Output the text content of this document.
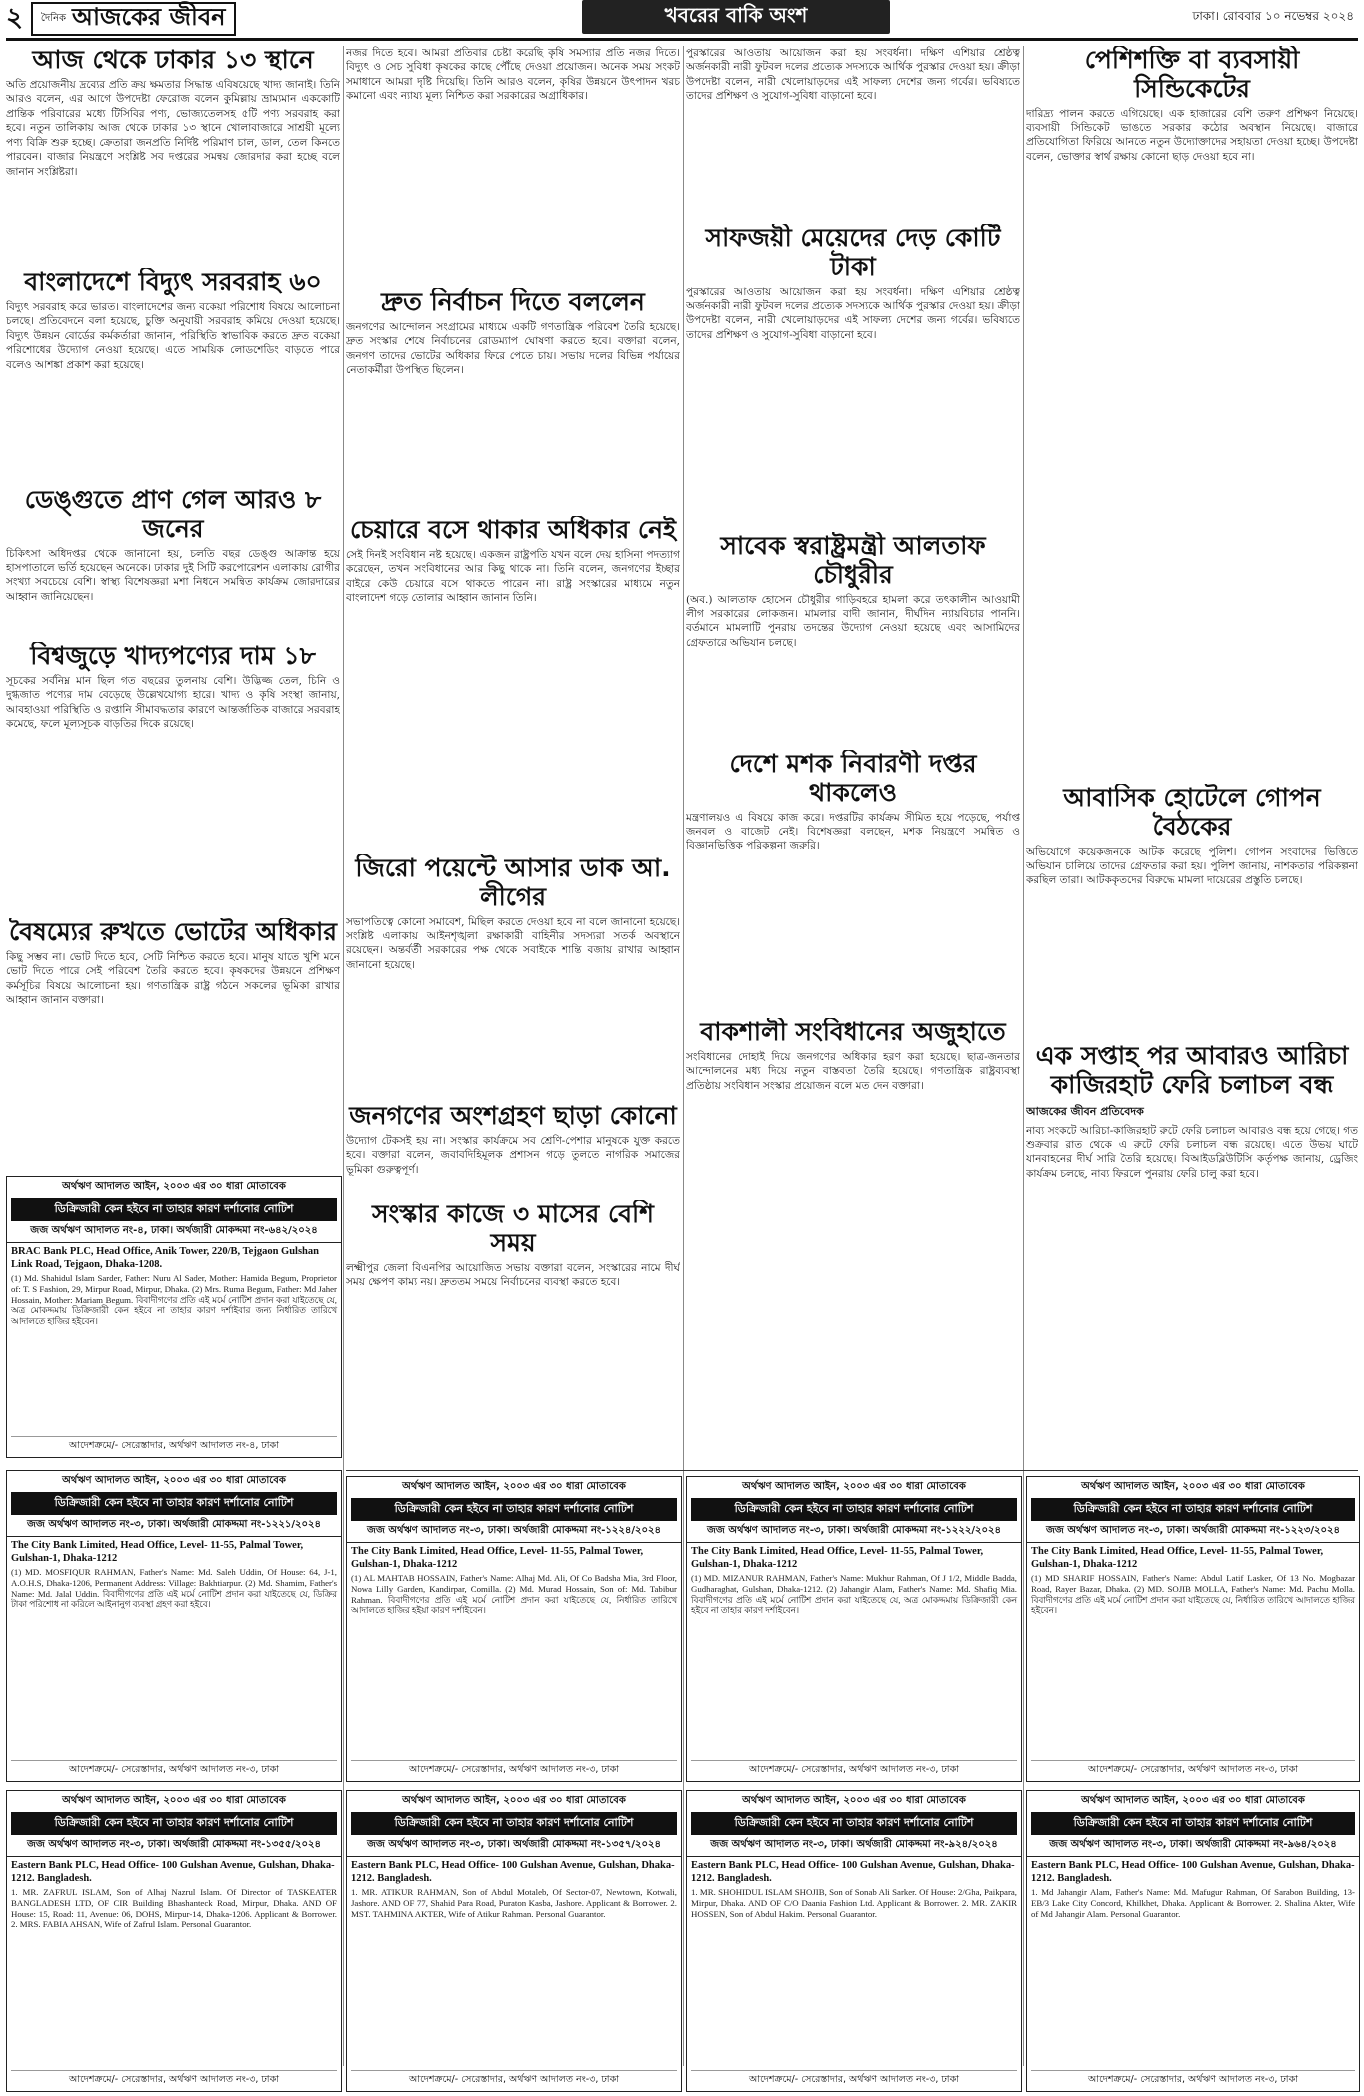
২ দৈনিক আজকের জীবন	খবরের বাকি অংশ	ঢাকা। রোববার ১০ নভেম্বর ২০২৪
আজ থেকে ঢাকার ১৩ স্থানে

অতি প্রয়োজনীয় দ্রব্যের প্রতি ক্রয় ক্ষমতার সিদ্ধান্ত এবিষয়েছে খাদ্য জানাই। তিনি আরও বলেন, এর আগে উপদেষ্টা ফেরোজ বলেন কুমিল্লায় ভ্রাম্যমান এককোটি প্রান্তিক পরিবারের মধ্যে টিসিবির পণ্য, ভোজ্যতেলসহ ৫টি পণ্য সরবরাহ করা হবে। নতুন তালিকায় আজ থেকে ঢাকার ১৩ স্থানে খোলাবাজারে সাশ্রয়ী মূল্যে পণ্য বিক্রি শুরু হচ্ছে। ক্রেতারা জনপ্রতি নির্দিষ্ট পরিমাণ চাল, ডাল, তেল কিনতে পারবেন। বাজার নিয়ন্ত্রণে সংশ্লিষ্ট সব দপ্তরের সমন্বয় জোরদার করা হচ্ছে বলে জানান সংশ্লিষ্টরা।

বাংলাদেশে বিদ্যুৎ সরবরাহ ৬০

বিদ্যুৎ সরবরাহ করে ভারত। বাংলাদেশের জন্য বকেয়া পরিশোধ বিষয়ে আলোচনা চলছে। প্রতিবেদনে বলা হয়েছে, চুক্তি অনুযায়ী সরবরাহ কমিয়ে দেওয়া হয়েছে। বিদ্যুৎ উন্নয়ন বোর্ডের কর্মকর্তারা জানান, পরিস্থিতি স্বাভাবিক করতে দ্রুত বকেয়া পরিশোধের উদ্যোগ নেওয়া হয়েছে। এতে সাময়িক লোডশেডিং বাড়তে পারে বলেও আশঙ্কা প্রকাশ করা হয়েছে।

ডেঙ্গুতে প্রাণ গেল আরও ৮ জনের

চিকিৎসা অধিদপ্তর থেকে জানানো হয়, চলতি বছর ডেঙ্গু আক্রান্ত হয়ে হাসপাতালে ভর্তি হয়েছেন অনেকে। ঢাকার দুই সিটি করপোরেশন এলাকায় রোগীর সংখ্যা সবচেয়ে বেশি। স্বাস্থ্য বিশেষজ্ঞরা মশা নিধনে সমন্বিত কার্যক্রম জোরদারের আহ্বান জানিয়েছেন।

বিশ্বজুড়ে খাদ্যপণ্যের দাম ১৮

সূচকের সর্বনিম্ন মান ছিল গত বছরের তুলনায় বেশি। উদ্ভিজ্জ তেল, চিনি ও দুগ্ধজাত পণ্যের দাম বেড়েছে উল্লেখযোগ্য হারে। খাদ্য ও কৃষি সংস্থা জানায়, আবহাওয়া পরিস্থিতি ও রপ্তানি সীমাবদ্ধতার কারণে আন্তর্জাতিক বাজারে সরবরাহ কমেছে, ফলে মূল্যসূচক বাড়তির দিকে রয়েছে।

বৈষম্যের রুখতে ভোটের অধিকার

কিছু সম্ভব না। ভোট দিতে হবে, সেটি নিশ্চিত করতে হবে। মানুষ যাতে খুশি মনে ভোট দিতে পারে সেই পরিবেশ তৈরি করতে হবে। কৃষকদের উন্নয়নে প্রশিক্ষণ কর্মসূচির বিষয়ে আলোচনা হয়। গণতান্ত্রিক রাষ্ট্র গঠনে সকলের ভূমিকা রাখার আহ্বান জানান বক্তারা।

নজর দিতে হবে। আমরা প্রতিবার চেষ্টা করেছি কৃষি সমস্যার প্রতি নজর দিতে। বিদ্যুৎ ও সেচ সুবিধা কৃষকের কাছে পৌঁছে দেওয়া প্রয়োজন। অনেক সময় সংকট সমাধানে আমরা দৃষ্টি দিয়েছি। তিনি আরও বলেন, কৃষির উন্নয়নে উৎপাদন খরচ কমানো এবং ন্যায্য মূল্য নিশ্চিত করা সরকারের অগ্রাধিকার।

দ্রুত নির্বাচন দিতে বললেন

জনগণের আন্দোলন সংগ্রামের মাধ্যমে একটি গণতান্ত্রিক পরিবেশ তৈরি হয়েছে। দ্রুত সংস্কার শেষে নির্বাচনের রোডম্যাপ ঘোষণা করতে হবে। বক্তারা বলেন, জনগণ তাদের ভোটের অধিকার ফিরে পেতে চায়। সভায় দলের বিভিন্ন পর্যায়ের নেতাকর্মীরা উপস্থিত ছিলেন।

চেয়ারে বসে থাকার অধিকার নেই

সেই দিনই সংবিধান নষ্ট হয়েছে। একজন রাষ্ট্রপতি যখন বলে দেয় হাসিনা পদত্যাগ করেছেন, তখন সংবিধানের আর কিছু থাকে না। তিনি বলেন, জনগণের ইচ্ছার বাইরে কেউ চেয়ারে বসে থাকতে পারেন না। রাষ্ট্র সংস্কারের মাধ্যমে নতুন বাংলাদেশ গড়ে তোলার আহ্বান জানান তিনি।

জিরো পয়েন্টে আসার ডাক আ. লীগের

সভাপতিত্বে কোনো সমাবেশ, মিছিল করতে দেওয়া হবে না বলে জানানো হয়েছে। সংশ্লিষ্ট এলাকায় আইনশৃঙ্খলা রক্ষাকারী বাহিনীর সদস্যরা সতর্ক অবস্থানে রয়েছেন। অন্তর্বর্তী সরকারের পক্ষ থেকে সবাইকে শান্তি বজায় রাখার আহ্বান জানানো হয়েছে।

জনগণের অংশগ্রহণ ছাড়া কোনো

উদ্যোগ টেকসই হয় না। সংস্কার কার্যক্রমে সব শ্রেণি-পেশার মানুষকে যুক্ত করতে হবে। বক্তারা বলেন, জবাবদিহিমূলক প্রশাসন গড়ে তুলতে নাগরিক সমাজের ভূমিকা গুরুত্বপূর্ণ।

পুরস্কারের আওতায় আয়োজন করা হয় সংবর্ধনা। দক্ষিণ এশিয়ার শ্রেষ্ঠত্ব অর্জনকারী নারী ফুটবল দলের প্রত্যেক সদস্যকে আর্থিক পুরস্কার দেওয়া হয়। ক্রীড়া উপদেষ্টা বলেন, নারী খেলোয়াড়দের এই সাফল্য দেশের জন্য গর্বের। ভবিষ্যতে তাদের প্রশিক্ষণ ও সুযোগ-সুবিধা বাড়ানো হবে।

সাফজয়ী মেয়েদের দেড় কোটি টাকা

পুরস্কারের আওতায় আয়োজন করা হয় সংবর্ধনা। দক্ষিণ এশিয়ার শ্রেষ্ঠত্ব অর্জনকারী নারী ফুটবল দলের প্রত্যেক সদস্যকে আর্থিক পুরস্কার দেওয়া হয়। ক্রীড়া উপদেষ্টা বলেন, নারী খেলোয়াড়দের এই সাফল্য দেশের জন্য গর্বের। ভবিষ্যতে তাদের প্রশিক্ষণ ও সুযোগ-সুবিধা বাড়ানো হবে।

সাবেক স্বরাষ্ট্রমন্ত্রী আলতাফ চৌধুরীর

(অব.) আলতাফ হোসেন চৌধুরীর গাড়িবহরে হামলা করে তৎকালীন আওয়ামী লীগ সরকারের লোকজন। মামলার বাদী জানান, দীর্ঘদিন ন্যায়বিচার পাননি। বর্তমানে মামলাটি পুনরায় তদন্তের উদ্যোগ নেওয়া হয়েছে এবং আসামিদের গ্রেফতারে অভিযান চলছে।

দেশে মশক নিবারণী দপ্তর থাকলেও

মন্ত্রণালয়ও এ বিষয়ে কাজ করে। দপ্তরটির কার্যক্রম সীমিত হয়ে পড়েছে, পর্যাপ্ত জনবল ও বাজেট নেই। বিশেষজ্ঞরা বলছেন, মশক নিয়ন্ত্রণে সমন্বিত ও বিজ্ঞানভিত্তিক পরিকল্পনা জরুরি।

বাকশালী সংবিধানের অজুহাতে

সংবিধানের দোহাই দিয়ে জনগণের অধিকার হরণ করা হয়েছে। ছাত্র-জনতার আন্দোলনের মধ্য দিয়ে নতুন বাস্তবতা তৈরি হয়েছে। গণতান্ত্রিক রাষ্ট্রব্যবস্থা প্রতিষ্ঠায় সংবিধান সংস্কার প্রয়োজন বলে মত দেন বক্তারা।

পেশিশক্তি বা ব্যবসায়ী সিন্ডিকেটের

দারিদ্র্য পালন করতে এগিয়েছে। এক হাজারের বেশি তরুণ প্রশিক্ষণ নিয়েছে। ব্যবসায়ী সিন্ডিকেট ভাঙতে সরকার কঠোর অবস্থান নিয়েছে। বাজারে প্রতিযোগিতা ফিরিয়ে আনতে নতুন উদ্যোক্তাদের সহায়তা দেওয়া হচ্ছে। উপদেষ্টা বলেন, ভোক্তার স্বার্থ রক্ষায় কোনো ছাড় দেওয়া হবে না।

আবাসিক হোটেলে গোপন বৈঠকের

অভিযোগে কয়েকজনকে আটক করেছে পুলিশ। গোপন সংবাদের ভিত্তিতে অভিযান চালিয়ে তাদের গ্রেফতার করা হয়। পুলিশ জানায়, নাশকতার পরিকল্পনা করছিল তারা। আটককৃতদের বিরুদ্ধে মামলা দায়েরের প্রস্তুতি চলছে।

এক সপ্তাহ পর আবারও আরিচা কাজিরহাট ফেরি চলাচল বন্ধ
আজকের জীবন প্রতিবেদক

নাব্য সংকটে আরিচা-কাজিরহাট রুটে ফেরি চলাচল আবারও বন্ধ হয়ে গেছে। গত শুক্রবার রাত থেকে এ রুটে ফেরি চলাচল বন্ধ রয়েছে। এতে উভয় ঘাটে যানবাহনের দীর্ঘ সারি তৈরি হয়েছে। বিআইডব্লিউটিসি কর্তৃপক্ষ জানায়, ড্রেজিং কার্যক্রম চলছে, নাব্য ফিরলে পুনরায় ফেরি চালু করা হবে।

অর্থঋণ আদালত আইন, ২০০৩ এর ৩০ ধারা মোতাবেক
ডিক্রিজারী কেন হইবে না তাহার কারণ দর্শানোর নোটিশ
জজ অর্থঋণ আদালত নং-৪, ঢাকা। অর্থজারী মোকদ্দমা নং-৬৪২/২০২৪
BRAC Bank PLC, Head Office, Anik Tower, 220/B, Tejgaon Gulshan Link Road, Tejgaon, Dhaka-1208.
(1) Md. Shahidul Islam Sarder, Father: Nuru Al Sader, Mother: Hamida Begum, Proprietor of: T. S Fashion, 29, Mirpur Road, Mirpur, Dhaka. (2) Mrs. Ruma Begum, Father: Md Jaher Hossain, Mother: Mariam Begum. বিবাদীগণের প্রতি এই মর্মে নোটিশ প্রদান করা যাইতেছে যে, অত্র মোকদ্দমায় ডিক্রিজারী কেন হইবে না তাহার কারণ দর্শাইবার জন্য নির্ধারিত তারিখে আদালতে হাজির হইবেন।
আদেশক্রমে/- সেরেস্তাদার, অর্থঋণ আদালত নং-৪, ঢাকা
অর্থঋণ আদালত আইন, ২০০৩ এর ৩০ ধারা মোতাবেক
ডিক্রিজারী কেন হইবে না তাহার কারণ দর্শানোর নোটিশ
জজ অর্থঋণ আদালত নং-৩, ঢাকা। অর্থজারী মোকদ্দমা নং-১২২১/২০২৪
The City Bank Limited, Head Office, Level- 11-55, Palmal Tower, Gulshan-1, Dhaka-1212
(1) MD. MOSFIQUR RAHMAN, Father's Name: Md. Saleh Uddin, Of House: 64, J-1, A.O.H.S, Dhaka-1206, Permanent Address: Village: Bakhtiarpur. (2) Md. Shamim, Father's Name: Md. Jalal Uddin. বিবাদীগণের প্রতি এই মর্মে নোটিশ প্রদান করা যাইতেছে যে, ডিক্রির টাকা পরিশোধ না করিলে আইনানুগ ব্যবস্থা গ্রহণ করা হইবে।
আদেশক্রমে/- সেরেস্তাদার, অর্থঋণ আদালত নং-৩, ঢাকা
অর্থঋণ আদালত আইন, ২০০৩ এর ৩০ ধারা মোতাবেক
ডিক্রিজারী কেন হইবে না তাহার কারণ দর্শানোর নোটিশ
জজ অর্থঋণ আদালত নং-৩, ঢাকা। অর্থজারী মোকদ্দমা নং-১২২৪/২০২৪
The City Bank Limited, Head Office, Level- 11-55, Palmal Tower, Gulshan-1, Dhaka-1212
(1) AL MAHTAB HOSSAIN, Father's Name: Alhaj Md. Ali, Of Co Badsha Mia, 3rd Floor, Nowa Lilly Garden, Kandirpar, Comilla. (2) Md. Murad Hossain, Son of: Md. Tabibur Rahman. বিবাদীগণের প্রতি এই মর্মে নোটিশ প্রদান করা যাইতেছে যে, নির্ধারিত তারিখে আদালতে হাজির হইয়া কারণ দর্শাইবেন।
আদেশক্রমে/- সেরেস্তাদার, অর্থঋণ আদালত নং-৩, ঢাকা
অর্থঋণ আদালত আইন, ২০০৩ এর ৩০ ধারা মোতাবেক
ডিক্রিজারী কেন হইবে না তাহার কারণ দর্শানোর নোটিশ
জজ অর্থঋণ আদালত নং-৩, ঢাকা। অর্থজারী মোকদ্দমা নং-১২২২/২০২৪
The City Bank Limited, Head Office, Level- 11-55, Palmal Tower, Gulshan-1, Dhaka-1212
(1) MD. MIZANUR RAHMAN, Father's Name: Mukhur Rahman, Of J 1/2, Middle Badda, Gudharaghat, Gulshan, Dhaka-1212. (2) Jahangir Alam, Father's Name: Md. Shafiq Mia. বিবাদীগণের প্রতি এই মর্মে নোটিশ প্রদান করা যাইতেছে যে, অত্র মোকদ্দমায় ডিক্রিজারী কেন হইবে না তাহার কারণ দর্শাইবেন।
আদেশক্রমে/- সেরেস্তাদার, অর্থঋণ আদালত নং-৩, ঢাকা
অর্থঋণ আদালত আইন, ২০০৩ এর ৩০ ধারা মোতাবেক
ডিক্রিজারী কেন হইবে না তাহার কারণ দর্শানোর নোটিশ
জজ অর্থঋণ আদালত নং-৩, ঢাকা। অর্থজারী মোকদ্দমা নং-১২২৩/২০২৪
The City Bank Limited, Head Office, Level- 11-55, Palmal Tower, Gulshan-1, Dhaka-1212
(1) MD SHARIF HOSSAIN, Father's Name: Abdul Latif Lasker, Of 13 No. Mogbazar Road, Rayer Bazar, Dhaka. (2) MD. SOJIB MOLLA, Father's Name: Md. Pachu Molla. বিবাদীগণের প্রতি এই মর্মে নোটিশ প্রদান করা যাইতেছে যে, নির্ধারিত তারিখে আদালতে হাজির হইবেন।
আদেশক্রমে/- সেরেস্তাদার, অর্থঋণ আদালত নং-৩, ঢাকা
অর্থঋণ আদালত আইন, ২০০৩ এর ৩০ ধারা মোতাবেক
ডিক্রিজারী কেন হইবে না তাহার কারণ দর্শানোর নোটিশ
জজ অর্থঋণ আদালত নং-৩, ঢাকা। অর্থজারী মোকদ্দমা নং-১৩৫৫/২০২৪
Eastern Bank PLC, Head Office- 100 Gulshan Avenue, Gulshan, Dhaka-1212. Bangladesh.
1. MR. ZAFRUL ISLAM, Son of Alhaj Nazrul Islam. Of Director of TASKEATER BANGLADESH LTD, OF CIR Building Bhashanteck Road, Mirpur, Dhaka. AND OF House: 15, Road: 11, Avenue: 06, DOHS, Mirpur-14, Dhaka-1206. Applicant & Borrower. 2. MRS. FABIA AHSAN, Wife of Zafrul Islam. Personal Guarantor.
আদেশক্রমে/- সেরেস্তাদার, অর্থঋণ আদালত নং-৩, ঢাকা
অর্থঋণ আদালত আইন, ২০০৩ এর ৩০ ধারা মোতাবেক
ডিক্রিজারী কেন হইবে না তাহার কারণ দর্শানোর নোটিশ
জজ অর্থঋণ আদালত নং-৩, ঢাকা। অর্থজারী মোকদ্দমা নং-১৩৫৭/২০২৪
Eastern Bank PLC, Head Office- 100 Gulshan Avenue, Gulshan, Dhaka-1212. Bangladesh.
1. MR. ATIKUR RAHMAN, Son of Abdul Motaleb, Of Sector-07, Newtown, Kotwali, Jashore. AND OF 77, Shahid Para Road, Puraton Kasba, Jashore. Applicant & Borrower. 2. MST. TAHMINA AKTER, Wife of Atikur Rahman. Personal Guarantor.
আদেশক্রমে/- সেরেস্তাদার, অর্থঋণ আদালত নং-৩, ঢাকা
অর্থঋণ আদালত আইন, ২০০৩ এর ৩০ ধারা মোতাবেক
ডিক্রিজারী কেন হইবে না তাহার কারণ দর্শানোর নোটিশ
জজ অর্থঋণ আদালত নং-৩, ঢাকা। অর্থজারী মোকদ্দমা নং-৯২৪/২০২৪
Eastern Bank PLC, Head Office- 100 Gulshan Avenue, Gulshan, Dhaka-1212. Bangladesh.
1. MR. SHOHIDUL ISLAM SHOJIB, Son of Sonab Ali Sarker. Of House: 2/Gha, Paikpara, Mirpur, Dhaka. AND OF C/O Daania Fashion Ltd. Applicant & Borrower. 2. MR. ZAKIR HOSSEN, Son of Abdul Hakim. Personal Guarantor.
আদেশক্রমে/- সেরেস্তাদার, অর্থঋণ আদালত নং-৩, ঢাকা
অর্থঋণ আদালত আইন, ২০০৩ এর ৩০ ধারা মোতাবেক
ডিক্রিজারী কেন হইবে না তাহার কারণ দর্শানোর নোটিশ
জজ অর্থঋণ আদালত নং-৩, ঢাকা। অর্থজারী মোকদ্দমা নং-৯৬৪/২০২৪
Eastern Bank PLC, Head Office- 100 Gulshan Avenue, Gulshan, Dhaka-1212. Bangladesh.
1. Md Jahangir Alam, Father's Name: Md. Mafugur Rahman, Of Sarabon Building, 13-EB/3 Lake City Concord, Khilkhet, Dhaka. Applicant & Borrower. 2. Shalina Akter, Wife of Md Jahangir Alam. Personal Guarantor.
আদেশক্রমে/- সেরেস্তাদার, অর্থঋণ আদালত নং-৩, ঢাকা
সংস্কার কাজে ৩ মাসের বেশি সময়

লক্ষ্মীপুর জেলা বিএনপির আয়োজিত সভায় বক্তারা বলেন, সংস্কারের নামে দীর্ঘ সময় ক্ষেপণ কাম্য নয়। দ্রুততম সময়ে নির্বাচনের ব্যবস্থা করতে হবে।
